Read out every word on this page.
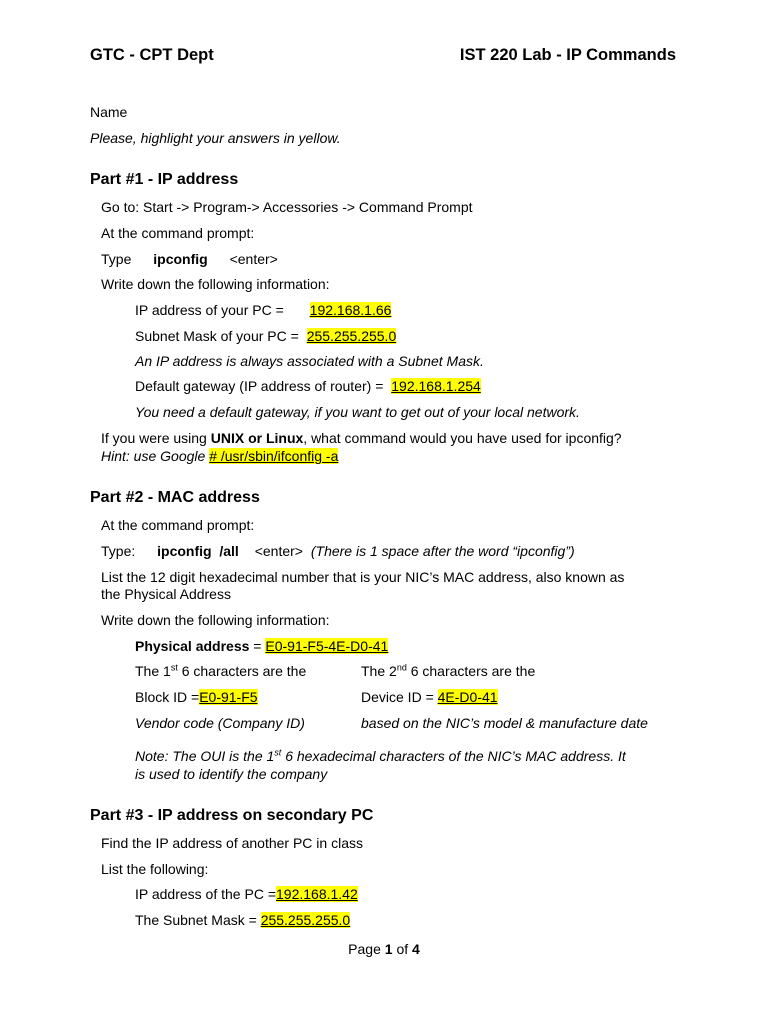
GTC - CPT Dept	IST 220 Lab - IP Commands
Name
Please, highlight your answers in yellow.
Part #1 - IP address
Go to: Start -> Program-> Accessories -> Command Prompt
At the command prompt:
Type ipconfig <enter>
Write down the following information:
IP address of your PC = 192.168.1.66
Subnet Mask of your PC = 255.255.255.0
An IP address is always associated with a Subnet Mask.
Default gateway (IP address of router) = 192.168.1.254
You need a default gateway, if you want to get out of your local network.
If you were using UNIX or Linux, what command would you have used for ipconfig?
Hint: use Google # /usr/sbin/ifconfig -a
Part #2 - MAC address
At the command prompt:
Type: ipconfig  /all <enter> (There is 1 space after the word “ipconfig”)
List the 12 digit hexadecimal number that is your NIC’s MAC address, also known as
the Physical Address
Write down the following information:
Physical address = E0-91-F5-4E-D0-41
The 1st 6 characters are the	The 2nd 6 characters are the
Block ID =E0-91-F5	Device ID = 4E-D0-41
Vendor code (Company ID)	based on the NIC’s model & manufacture date
Note: The OUI is the 1st 6 hexadecimal characters of the NIC’s MAC address. It
is used to identify the company
Part #3 - IP address on secondary PC
Find the IP address of another PC in class
List the following:
IP address of the PC =192.168.1.42
The Subnet Mask = 255.255.255.0
Page 1 of 4
